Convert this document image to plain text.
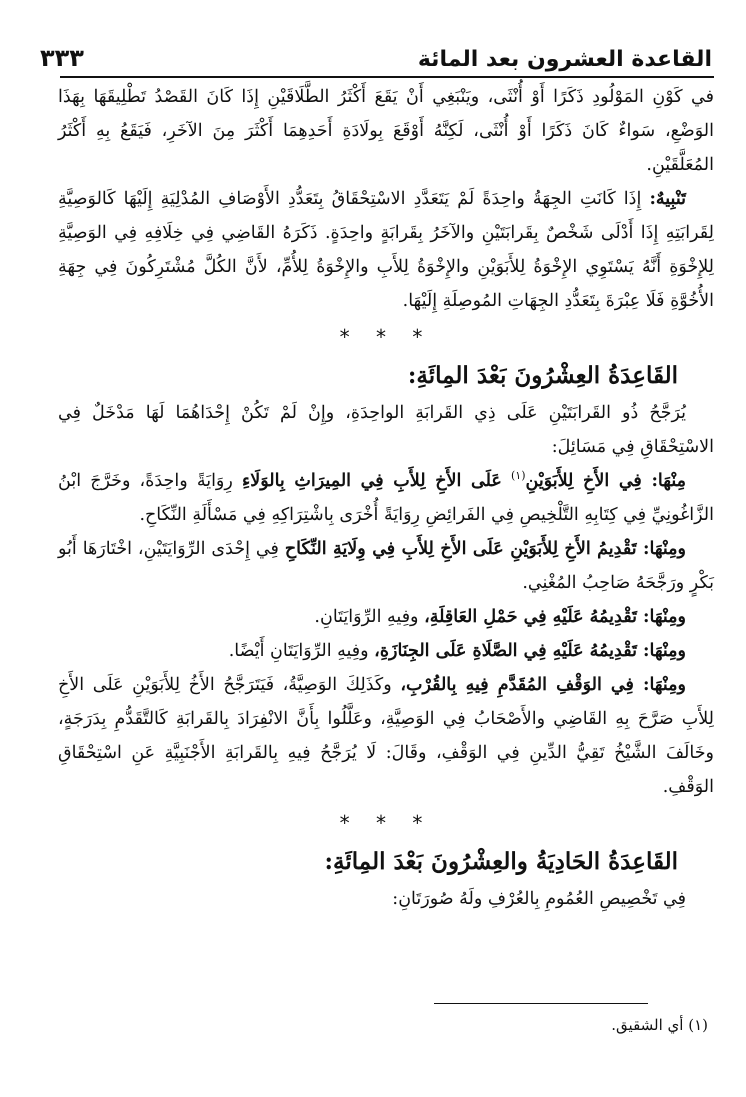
القاعدة العشرون بعد المائة
٣٣٣

في كَوْنِ المَوْلُودِ ذَكَرًا أَوْ أُنْثَى، ويَنْبَغِي أَنْ يَقَعَ أَكْثَرُ الطَّلَاقَيْنِ إِذَا كَانَ القَصْدُ تَطْلِيقَهَا بِهَذَا الوَضْعِ، سَواءٌ كَانَ ذَكَرًا أَوْ أُنْثَى، لَكِنَّهُ أَوْقَعَ بِولَادَةِ أَحَدِهِمَا أَكْثَرَ مِنَ الآخَرِ، فَيَقَعُ بِهِ أَكْثَرُ المُعَلَّقَيْنِ.

تَنْبِيهٌ: إِذَا كَانَتِ الجِهَةُ واحِدَةً لَمْ يَتَعَدَّدِ الاسْتِحْقَاقُ بِتَعَدُّدِ الأَوْصَافِ المُدْلِيَةِ إِلَيْهَا كَالوَصِيَّةِ لِقَرابَتِهِ إِذَا أَدْلَى شَخْصٌ بِقَرابَتَيْنِ والآخَرُ بِقَرابَةٍ واحِدَةٍ. ذَكَرَهُ القَاضِي فِي خِلَافِهِ فِي الوَصِيَّةِ لِلإِخْوَةِ أَنَّهُ يَسْتَوِي الإِخْوَةُ لِلأَبَوَيْنِ والإِخْوَةُ لِلأَبِ والإِخْوَةُ لِلأُمِّ، لأَنَّ الكُلَّ مُشْتَرِكُونَ فِي جِهَةِ الأُخُوَّةِ فَلَا عِبْرَةَ بِتَعَدُّدِ الجِهَاتِ المُوصِلَةِ إِلَيْهَا.

* * *

القَاعِدَةُ العِشْرُونَ بَعْدَ المِائَةِ:

يُرَجَّحُ ذُو القَرابَتَيْنِ عَلَى ذِي القَرابَةِ الواحِدَةِ، وإِنْ لَمْ تَكُنْ إِحْدَاهُمَا لَهَا مَدْخَلٌ فِي الاسْتِحْقَاقِ فِي مَسَائِلَ:

مِنْهَا: فِي الأَخِ لِلأَبَوَيْنِ$^{(١)}$ عَلَى الأَخِ لِلأَبِ فِي المِيرَاثِ بِالوَلَاءِ رِوَايَةً واحِدَةً، وخَرَّجَ ابْنُ الزَّاغُونِيِّ فِي كِتَابِهِ التَّلْخِيصِ فِي الفَرائِضِ رِوَايَةً أُخْرَى بِاشْتِرَاكِهِ فِي مَسْأَلَةِ النِّكَاحِ.

ومِنْهَا: تَقْدِيمُ الأَخِ لِلأَبَوَيْنِ عَلَى الأَخِ لِلأَبِ فِي وِلَايَةِ النِّكَاحِ فِي إِحْدَى الرِّوَايَتَيْنِ، اخْتَارَهَا أَبُو بَكْرٍ ورَجَّحَهُ صَاحِبُ المُغْنِي.

ومِنْهَا: تَقْدِيمُهُ عَلَيْهِ فِي حَمْلِ العَاقِلَةِ، وفِيهِ الرِّوَايَتَانِ.

ومِنْهَا: تَقْدِيمُهُ عَلَيْهِ فِي الصَّلَاةِ عَلَى الجِنَازَةِ، وفِيهِ الرِّوَايَتَانِ أَيْضًا.

ومِنْهَا: فِي الوَقْفِ المُقَدَّمِ فِيهِ بِالقُرْبِ، وكَذَلِكَ الوَصِيَّةُ، فَيَتَرَجَّحُ الأَخُ لِلأَبَوَيْنِ عَلَى الأَخِ لِلأَبِ صَرَّحَ بِهِ القَاضِي والأَصْحَابُ فِي الوَصِيَّةِ، وعَلَّلُوا بِأَنَّ الانْفِرَادَ بِالقَرابَةِ كَالتَّقَدُّمِ بِدَرَجَةٍ، وخَالَفَ الشَّيْخُ تَقِيُّ الدِّينِ فِي الوَقْفِ، وقَالَ: لَا يُرَجَّحُ فِيهِ بِالقَرابَةِ الأَجْنَبِيَّةِ عَنِ اسْتِحْقَاقِ الوَقْفِ.

* * *

القَاعِدَةُ الحَادِيَةُ والعِشْرُونَ بَعْدَ المِائَةِ:

فِي تَخْصِيصِ العُمُومِ بِالعُرْفِ ولَهُ صُورَتَانِ:

(١) أي الشقيق.
